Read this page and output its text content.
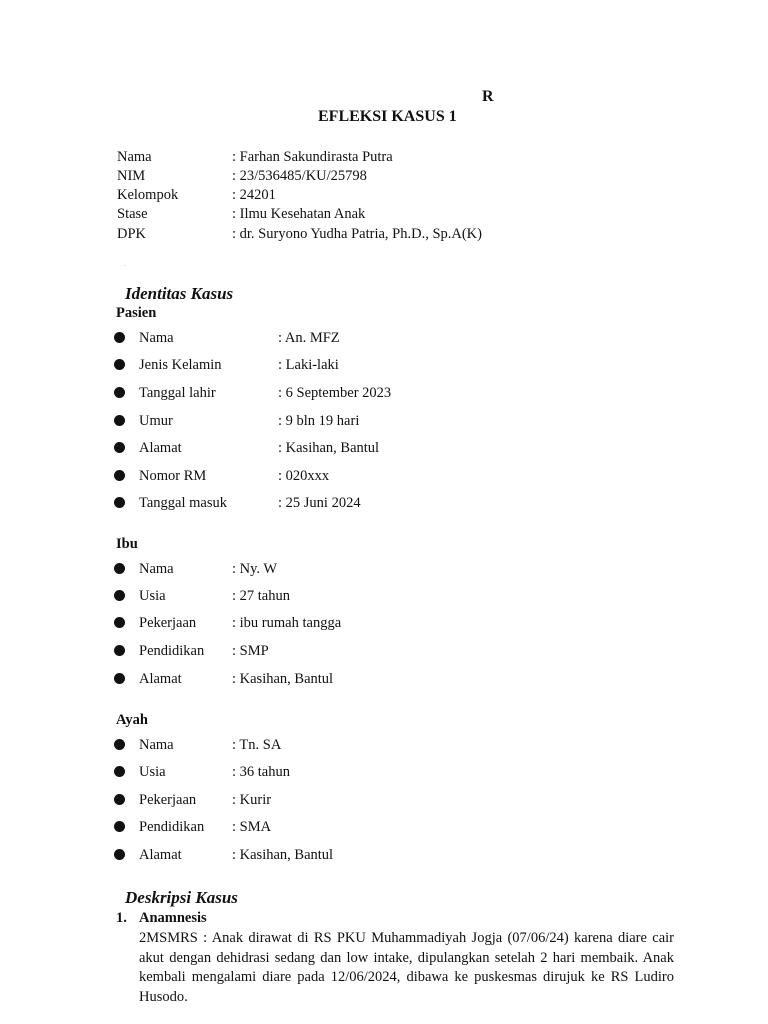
R
EFLEKSI KASUS 1
Nama	: Farhan Sakundirasta Putra
NIM	: 23/536485/KU/25798
Kelompok	: 24201
Stase	: Ilmu Kesehatan Anak
DPK	: dr. Suryono Yudha Patria, Ph.D., Sp.A(K)
.
Identitas Kasus
Pasien
Nama	: An. MFZ
Jenis Kelamin	: Laki-laki
Tanggal lahir	: 6 September 2023
Umur	: 9 bln 19 hari
Alamat	: Kasihan, Bantul
Nomor RM	: 020xxx
Tanggal masuk	: 25 Juni 2024
Ibu
Nama	: Ny. W
Usia	: 27 tahun
Pekerjaan : ibu rumah tangga
Pendidikan : SMP
Alamat	: Kasihan, Bantul
Ayah
Nama	: Tn. SA
Usia	: 36 tahun
Pekerjaan : Kurir
Pendidikan : SMA
Alamat	: Kasihan, Bantul
Deskripsi Kasus
1. Anamnesis
2MSMRS : Anak dirawat di RS PKU Muhammadiyah Jogja (07/06/24) karena diare cair akut dengan dehidrasi sedang dan low intake, dipulangkan setelah 2 hari membaik. Anak kembali mengalami diare pada 12/06/2024, dibawa ke puskesmas dirujuk ke RS Ludiro Husodo.
